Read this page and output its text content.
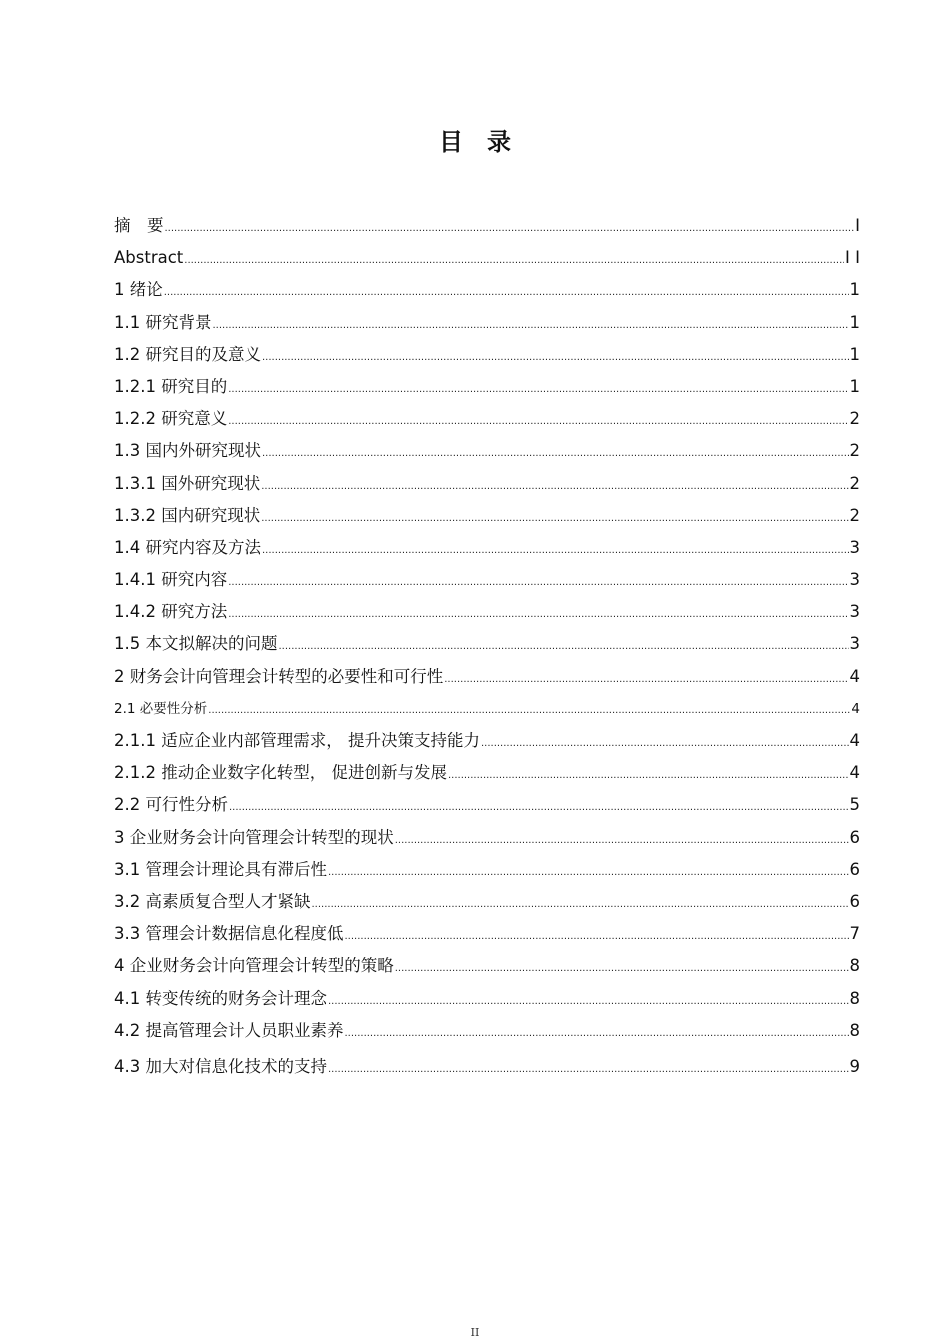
目　录
摘　要 .....	I
Abstract .....	I I
1 绪论 .....	1
1.1 研究背景 .....	1
1.2 研究目的及意义 .....	1
1.2.1 研究目的 .....	1
1.2.2 研究意义 .....	2
1.3 国内外研究现状 .....	2
1.3.1 国外研究现状 .....	2
1.3.2 国内研究现状 .....	2
1.4 研究内容及方法 .....	3
1.4.1 研究内容 .....	3
1.4.2 研究方法 .....	3
1.5 本文拟解决的问题 .....	3
2 财务会计向管理会计转型的必要性和可行性 .....	4
2.1 必要性分析 .....	4
2.1.1 适应企业内部管理需求， 提升决策支持能力 .....	4
2.1.2 推动企业数字化转型， 促进创新与发展 .....	4
2.2 可行性分析 .....	5
3 企业财务会计向管理会计转型的现状 .....	6
3.1 管理会计理论具有滞后性 .....	6
3.2 高素质复合型人才紧缺 .....	6
3.3 管理会计数据信息化程度低 .....	7
4 企业财务会计向管理会计转型的策略 .....	8
4.1 转变传统的财务会计理念 .....	8
4.2 提高管理会计人员职业素养 .....	8
4.3 加大对信息化技术的支持 .....	9
II
